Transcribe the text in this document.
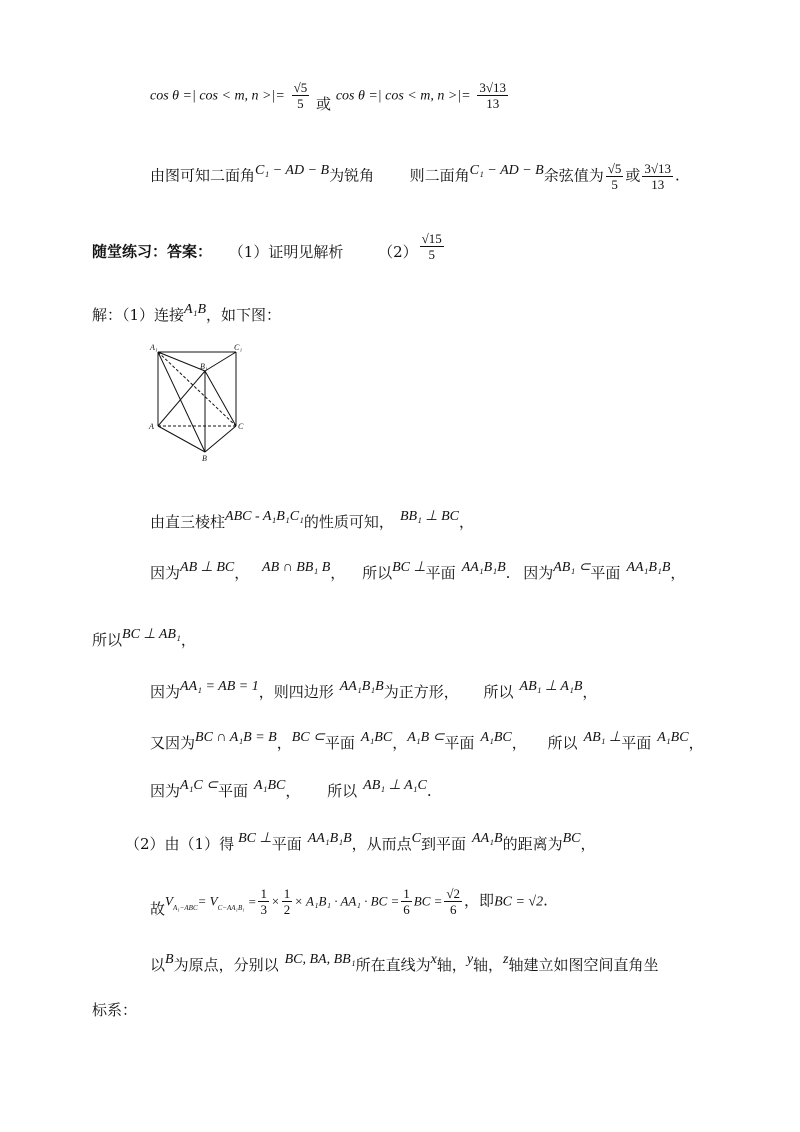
cos θ =| cos < m, n >|= $\frac{√5}{5}$ 或 cos θ =| cos < m, n >|= $\frac{3√13}{13}$
由图可知二面角C₁ − AD − B为锐角 则二面角C₁ − AD − B余弦值为 $\frac{√5}{5}$ 或 $\frac{3√13}{13}$ .
随堂练习：答案： （1）证明见解析 $(2) \frac{√15}{5}$
解：（1）连接A₁B，如下图：
A₁	C₁
B₁
A	C
B
由直三棱柱ABC - A₁B₁C₁的性质可知， BB₁ ⊥ BC，
因为AB ⊥ BC， AB ∩ BB₁ B， 所以BC ⊥平面 AA₁B₁B. 因为AB₁ ⊂平面 AA₁B₁B，
所以BC ⊥ AB₁，
因为AA₁ = AB = 1，则四边形 AA₁B₁B为正方形， 所以 AB₁ ⊥ A₁B，
又因为BC ∩ A₁B = B，BC ⊂平面 A₁BC，A₁B ⊂平面 A₁BC， 所以 AB₁ ⊥平面 A₁BC，
因为A₁C ⊂平面 A₁BC， 所以 AB₁ ⊥ A₁C.
（2）由（1）得 BC ⊥平面 AA₁B₁B，从而点C到平面 AA₁B的距离为BC，
故$V_{A_1-ABC}= V_{C-AA_1B_1} = \frac{1}{3} \times \frac{1}{2} \times A_1B_1 \cdot AA_1$ · BC = $\frac{1}{6}$ BC = $\frac{√2}{6}$ ，即BC = √2.
以B为原点，分别以 BC, BA, BB₁所在直线为x轴，y轴，z轴建立如图空间直角坐
标系：
